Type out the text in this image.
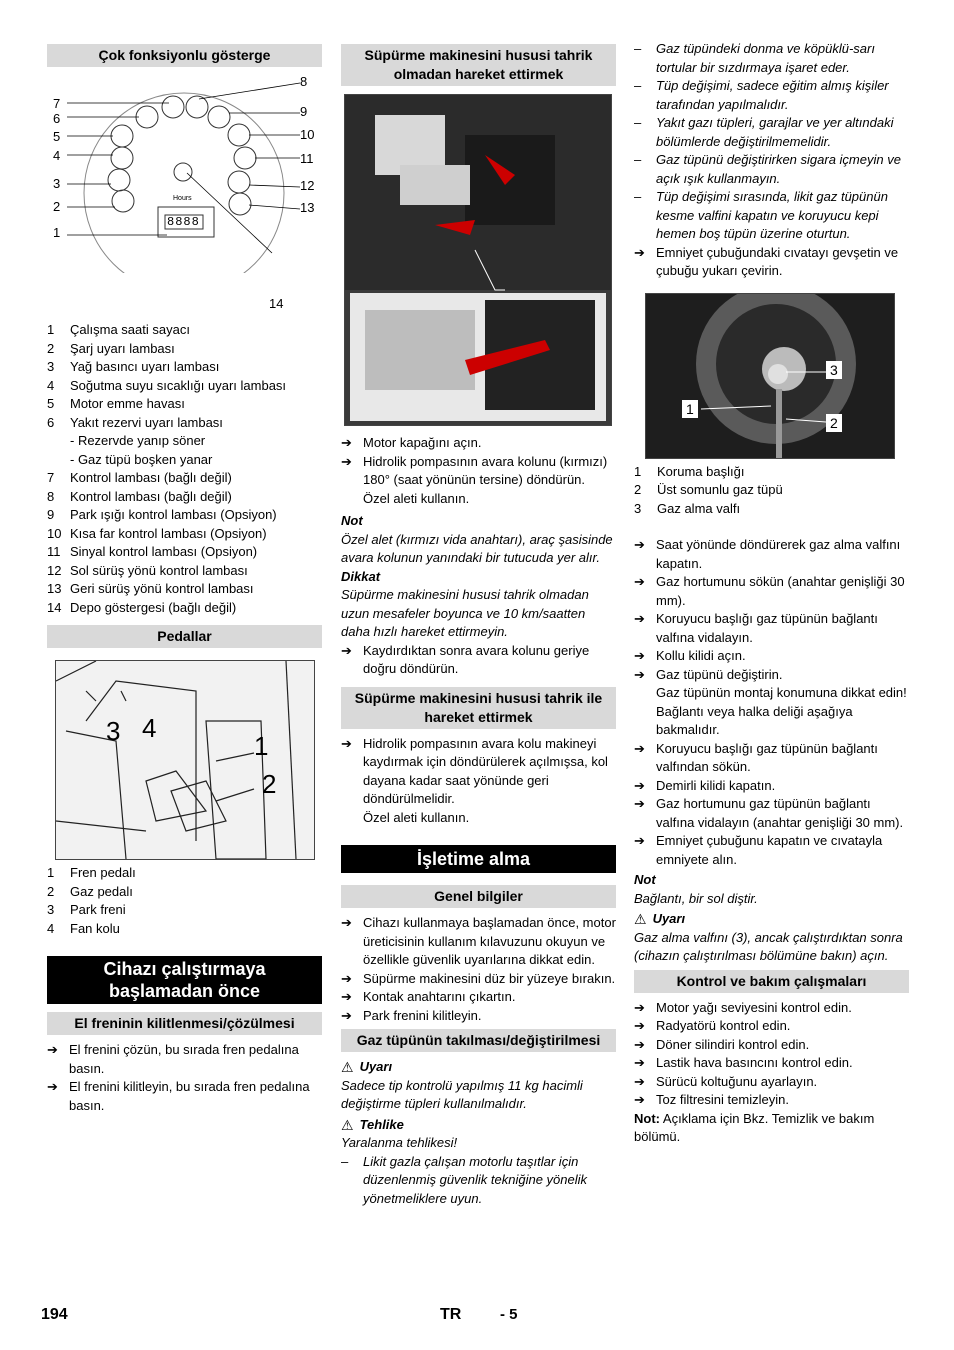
Çok fonksiyonlu gösterge
7
6
5
4
3
2
1
8
9
10
11
12
13
14
Hours
8888
1	Çalışma saati sayacı
2	Şarj uyarı lambası
3	Yağ basıncı uyarı lambası
4	Soğutma suyu sıcaklığı uyarı lambası
5	Motor emme havası
6	Yakıt rezervi uyarı lambası
- Rezervde yanıp söner
- Gaz tüpü boşken yanar
7	Kontrol lambası (bağlı değil)
8	Kontrol lambası (bağlı değil)
9	Park ışığı kontrol lambası (Opsiyon)
10 Kısa far kontrol lambası (Opsiyon)
11 Sinyal kontrol lambası (Opsiyon)
12 Sol sürüş yönü kontrol lambası
13 Geri sürüş yönü kontrol lambası
14 Depo göstergesi (bağlı değil)
Pedallar
3 4
1
2
1	Fren pedalı
2	Gaz pedalı
3	Park freni
4	Fan kolu
Cihazı çalıştırmaya başlamadan önce
El freninin kilitlenmesi/çözülmesi
➔ El frenini çözün, bu sırada fren pedalına basın.
➔ El frenini kilitleyin, bu sırada fren pedalına basın.
Süpürme makinesini hususi tahrik olmadan hareket ettirmek
➔ Motor kapağını açın.
➔ Hidrolik pompasının avara kolunu (kırmızı) 180° (saat yönünün tersine) döndürün.
Özel aleti kullanın.
Not
Özel alet (kırmızı vida anahtarı), araç şasisinde avara kolunun yanındaki bir tutucuda yer alır.
Dikkat
Süpürme makinesini hususi tahrik olmadan uzun mesafeler boyunca ve 10 km/saatten daha hızlı hareket ettirmeyin.
➔ Kaydırdıktan sonra avara kolunu geriye doğru döndürün.
Süpürme makinesini hususi tahrik ile hareket ettirmek
➔ Hidrolik pompasının avara kolu makineyi kaydırmak için döndürülerek açılmışsa, kol dayana kadar saat yönünde geri döndürülmelidir.
Özel aleti kullanın.
İşletime alma
Genel bilgiler
➔ Cihazı kullanmaya başlamadan önce, motor üreticisinin kullanım kılavuzunu okuyun ve özellikle güvenlik uyarılarına dikkat edin.
➔ Süpürme makinesini düz bir yüzeye bırakın.
➔ Kontak anahtarını çıkartın.
➔ Park frenini kilitleyin.
Gaz tüpünün takılması/değiştirilmesi
⚠ Uyarı
Sadece tip kontrolü yapılmış 11 kg hacimli değiştirme tüpleri kullanılmalıdır.
⚠ Tehlike
Yaralanma tehlikesi!
–	Likit gazla çalışan motorlu taşıtlar için düzenlenmiş güvenlik tekniğine yönelik yönetmeliklere uyun.
–	Gaz tüpündeki donma ve köpüklü-sarı tortular bir sızdırmaya işaret eder.
–	Tüp değişimi, sadece eğitim almış kişiler tarafından yapılmalıdır.
–	Yakıt gazı tüpleri, garajlar ve yer altındaki bölümlerde değiştirilmemelidir.
–	Gaz tüpünü değiştirirken sigara içmeyin ve açık ışık kullanmayın.
–	Tüp değişimi sırasında, likit gaz tüpünün kesme valfini kapatın ve koruyucu kepi hemen boş tüpün üzerine oturtun.
➔ Emniyet çubuğundaki cıvatayı gevşetin ve çubuğu yukarı çevirin.
3
1
2
1	Koruma başlığı
2	Üst somunlu gaz tüpü
3	Gaz alma valfı
➔ Saat yönünde döndürerek gaz alma valfını kapatın.
➔ Gaz hortumunu sökün (anahtar genişliği 30 mm).
➔ Koruyucu başlığı gaz tüpünün bağlantı valfına vidalayın.
➔ Kollu kilidi açın.
➔ Gaz tüpünü değiştirin.
Gaz tüpünün montaj konumuna dikkat edin! Bağlantı veya halka deliği aşağıya bakmalıdır.
➔ Koruyucu başlığı gaz tüpünün bağlantı valfından sökün.
➔ Demirli kilidi kapatın.
➔ Gaz hortumunu gaz tüpünün bağlantı valfına vidalayın (anahtar genişliği 30 mm).
➔ Emniyet çubuğunu kapatın ve cıvatayla emniyete alın.
Not
Bağlantı, bir sol diştir.
⚠ Uyarı
Gaz alma valfını (3), ancak çalıştırdıktan sonra (cihazın çalıştırılması bölümüne bakın) açın.
Kontrol ve bakım çalışmaları
➔ Motor yağı seviyesini kontrol edin.
➔ Radyatörü kontrol edin.
➔ Döner silindiri kontrol edin.
➔ Lastik hava basıncını kontrol edin.
➔ Sürücü koltuğunu ayarlayın.
➔ Toz filtresini temizleyin.
Not: Açıklama için Bkz. Temizlik ve bakım bölümü.
194	TR	- 5
